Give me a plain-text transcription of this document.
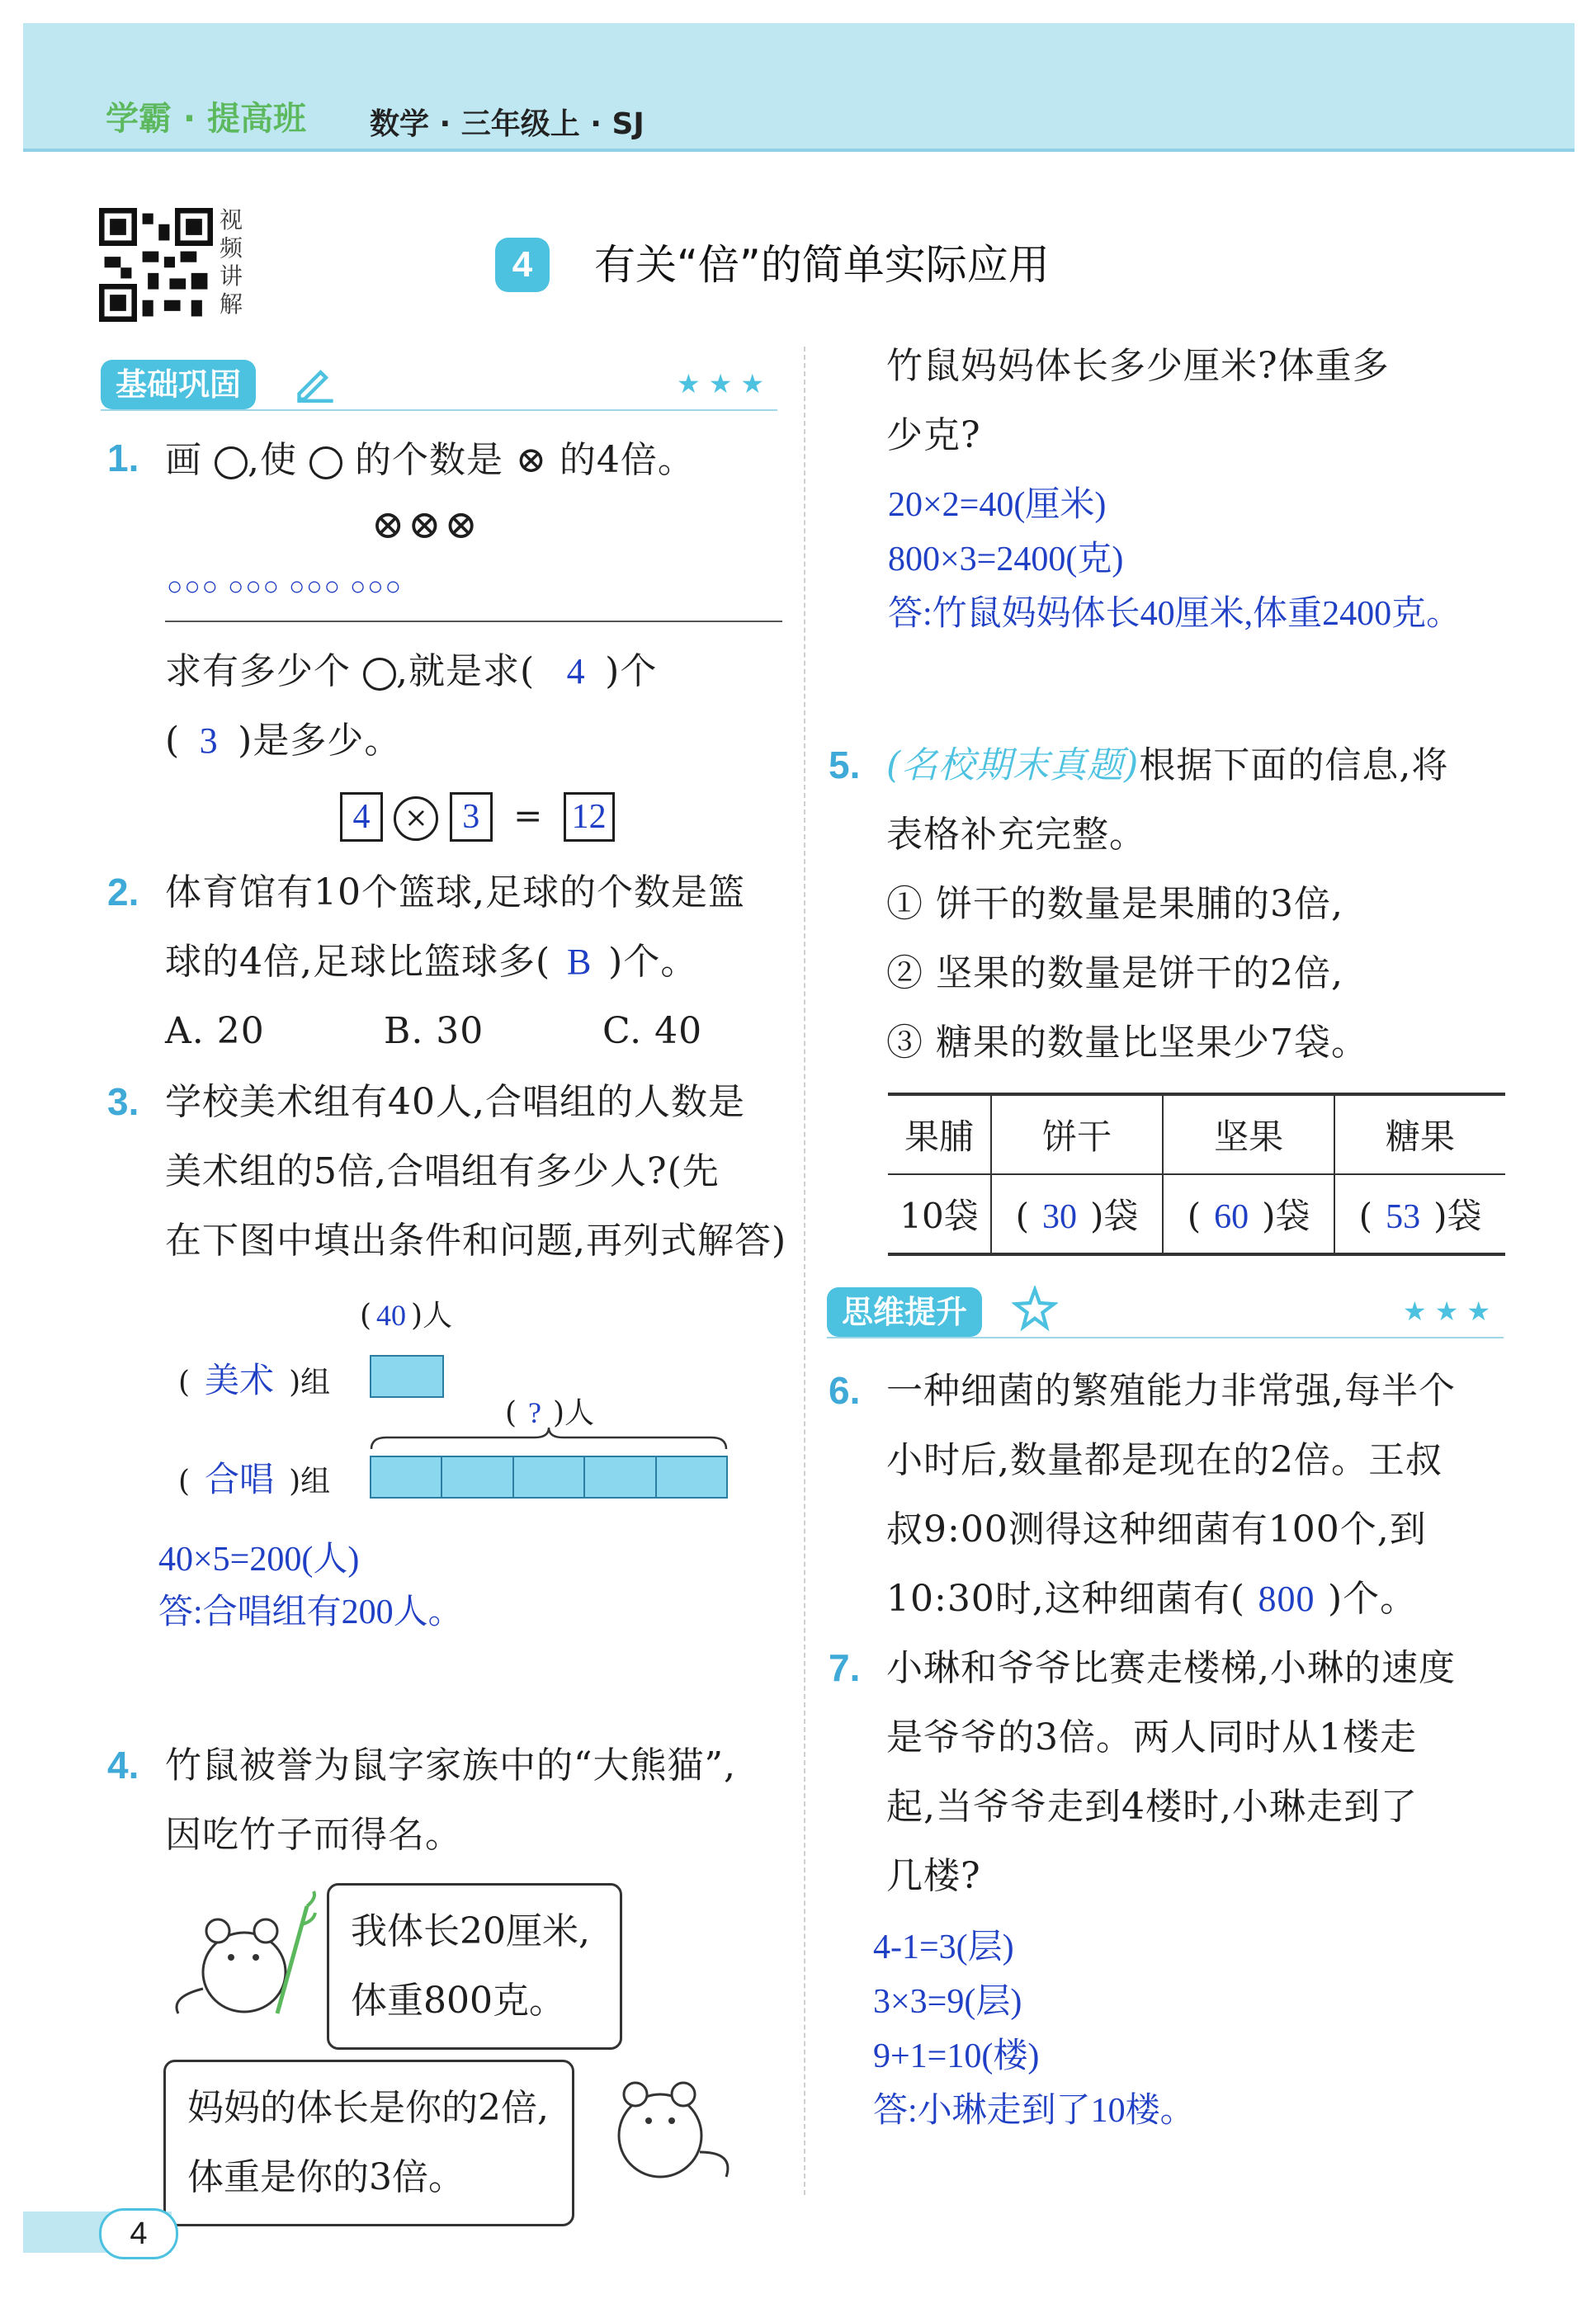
学霸 · 提高班 数学 · 三年级上 · SJ
视频讲解
4	有关“倍”的简单实际应用
基础巩固	★★★
1. 画 ,使 的个数是 ⊗ 的4倍。
⊗⊗⊗
○○○ ○○○ ○○○ ○○○
求有多少个 ,就是求( 4 )个
( 3 )是多少。
4 × 3 = 12
2. 体育馆有10个篮球,足球的个数是篮
球的4倍,足球比篮球多( B )个。
A. 20	B. 30	C. 40
3. 学校美术组有40人,合唱组的人数是
美术组的5倍,合唱组有多少人?(先
在下图中填出条件和问题,再列式解答)
( 40 )人
( 美术 )组
( ? )人
( 合唱 )组
40×5=200(人)
答:合唱组有200人。
4. 竹鼠被誉为鼠字家族中的“大熊猫”,
因吃竹子而得名。
我体长20厘米,
体重800克。
妈妈的体长是你的2倍,
体重是你的3倍。
竹鼠妈妈体长多少厘米?体重多
少克?
20×2=40(厘米)
800×3=2400(克)
答:竹鼠妈妈体长40厘米,体重2400克。
5. (名校期末真题)根据下面的信息,将
表格补充完整。
① 饼干的数量是果脯的3倍,
② 坚果的数量是饼干的2倍,
③ 糖果的数量比坚果少7袋。
果脯	饼干	坚果	糖果
10袋	( 30 )袋	( 60 )袋	( 53 )袋
思维提升	★★★
6. 一种细菌的繁殖能力非常强,每半个
小时后,数量都是现在的2倍。王叔
叔9:00测得这种细菌有100个,到
10:30时,这种细菌有( 800 )个。
7. 小琳和爷爷比赛走楼梯,小琳的速度
是爷爷的3倍。两人同时从1楼走
起,当爷爷走到4楼时,小琳走到了
几楼?
4-1=3(层)
3×3=9(层)
9+1=10(楼)
答:小琳走到了10楼。
4
